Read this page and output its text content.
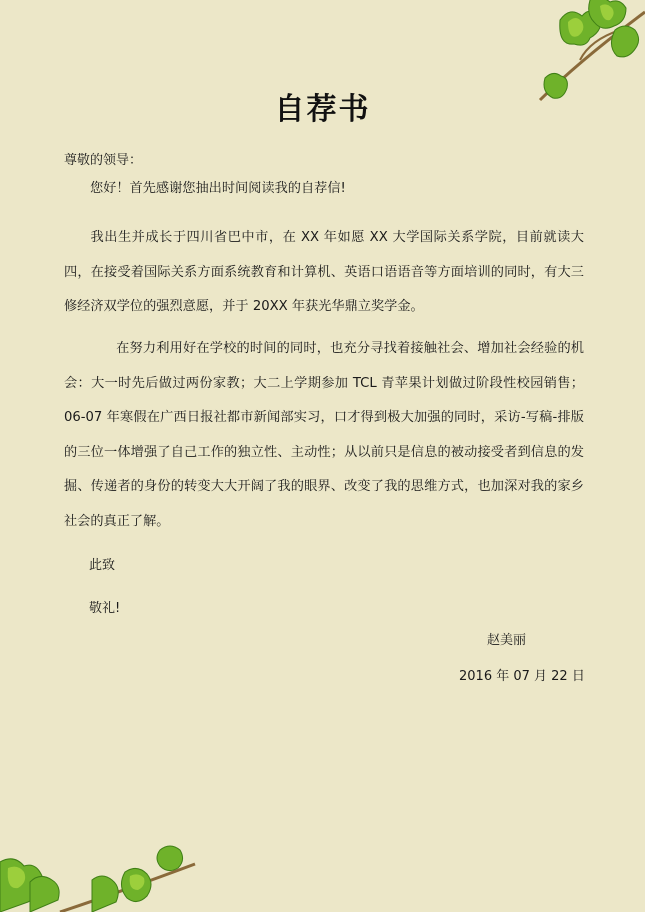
自荐书
尊敬的领导：
您好！首先感谢您抽出时间阅读我的自荐信!
我出生并成长于四川省巴中市，在 XX 年如愿 XX 大学国际关系学院，目前就读大四，在接受着国际关系方面系统教育和计算机、英语口语语音等方面培训的同时，有大三修经济双学位的强烈意愿，并于 20XX 年获光华鼎立奖学金。
在努力利用好在学校的时间的同时，也充分寻找着接触社会、增加社会经验的机会：大一时先后做过两份家教；大二上学期参加 TCL 青苹果计划做过阶段性校园销售；06-07 年寒假在广西日报社都市新闻部实习，口才得到极大加强的同时，采访-写稿-排版的三位一体增强了自己工作的独立性、主动性；从以前只是信息的被动接受者到信息的发掘、传递者的身份的转变大大开阔了我的眼界、改变了我的思维方式，也加深对我的家乡社会的真正了解。
此致
敬礼!
赵美丽
2016 年 07 月 22 日
